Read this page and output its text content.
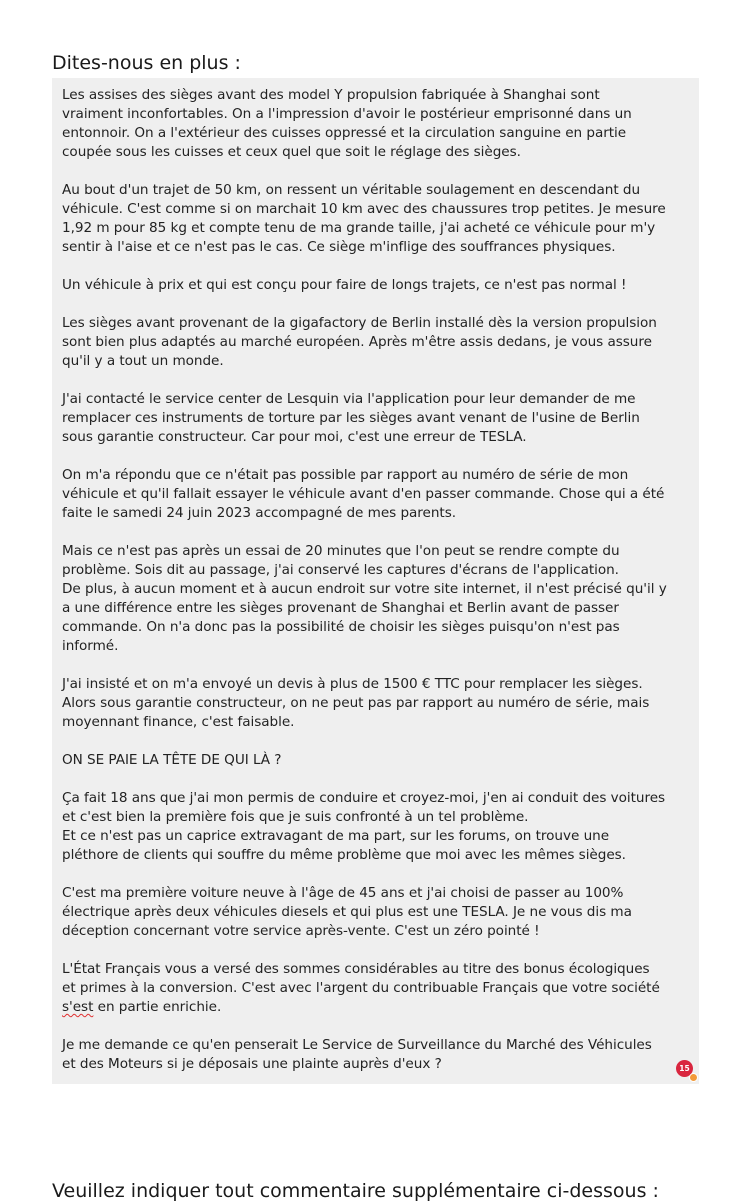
Dites-nous en plus :

Les assises des sièges avant des model Y propulsion fabriquée à Shanghai sont
vraiment inconfortables. On a l'impression d'avoir le postérieur emprisonné dans un
entonnoir. On a l'extérieur des cuisses oppressé et la circulation sanguine en partie
coupée sous les cuisses et ceux quel que soit le réglage des sièges.

Au bout d'un trajet de 50 km, on ressent un véritable soulagement en descendant du
véhicule. C'est comme si on marchait 10 km avec des chaussures trop petites. Je mesure
1,92 m pour 85 kg et compte tenu de ma grande taille, j'ai acheté ce véhicule pour m'y
sentir à l'aise et ce n'est pas le cas. Ce siège m'inflige des souffrances physiques.

Un véhicule à prix et qui est conçu pour faire de longs trajets, ce n'est pas normal !

Les sièges avant provenant de la gigafactory de Berlin installé dès la version propulsion
sont bien plus adaptés au marché européen. Après m'être assis dedans, je vous assure
qu'il y a tout un monde.

J'ai contacté le service center de Lesquin via l'application pour leur demander de me
remplacer ces instruments de torture par les sièges avant venant de l'usine de Berlin
sous garantie constructeur. Car pour moi, c'est une erreur de TESLA.

On m'a répondu que ce n'était pas possible par rapport au numéro de série de mon
véhicule et qu'il fallait essayer le véhicule avant d'en passer commande. Chose qui a été
faite le samedi 24 juin 2023 accompagné de mes parents.

Mais ce n'est pas après un essai de 20 minutes que l'on peut se rendre compte du
problème. Sois dit au passage, j'ai conservé les captures d'écrans de l'application.
De plus, à aucun moment et à aucun endroit sur votre site internet, il n'est précisé qu'il y
a une différence entre les sièges provenant de Shanghai et Berlin avant de passer
commande. On n'a donc pas la possibilité de choisir les sièges puisqu'on n'est pas
informé.

J'ai insisté et on m'a envoyé un devis à plus de 1500 € TTC pour remplacer les sièges.
Alors sous garantie constructeur, on ne peut pas par rapport au numéro de série, mais
moyennant finance, c'est faisable.

ON SE PAIE LA TÊTE DE QUI LÀ ?

Ça fait 18 ans que j'ai mon permis de conduire et croyez-moi, j'en ai conduit des voitures
et c'est bien la première fois que je suis confronté à un tel problème.
Et ce n'est pas un caprice extravagant de ma part, sur les forums, on trouve une
pléthore de clients qui souffre du même problème que moi avec les mêmes sièges.

C'est ma première voiture neuve à l'âge de 45 ans et j'ai choisi de passer au 100%
électrique après deux véhicules diesels et qui plus est une TESLA. Je ne vous dis ma
déception concernant votre service après-vente. C'est un zéro pointé !

L'État Français vous a versé des sommes considérables au titre des bonus écologiques
et primes à la conversion. C'est avec l'argent du contribuable Français que votre société
s'est en partie enrichie.

Je me demande ce qu'en penserait Le Service de Surveillance du Marché des Véhicules
et des Moteurs si je déposais une plainte auprès d'eux ?	15
Veuillez indiquer tout commentaire supplémentaire ci-dessous :
